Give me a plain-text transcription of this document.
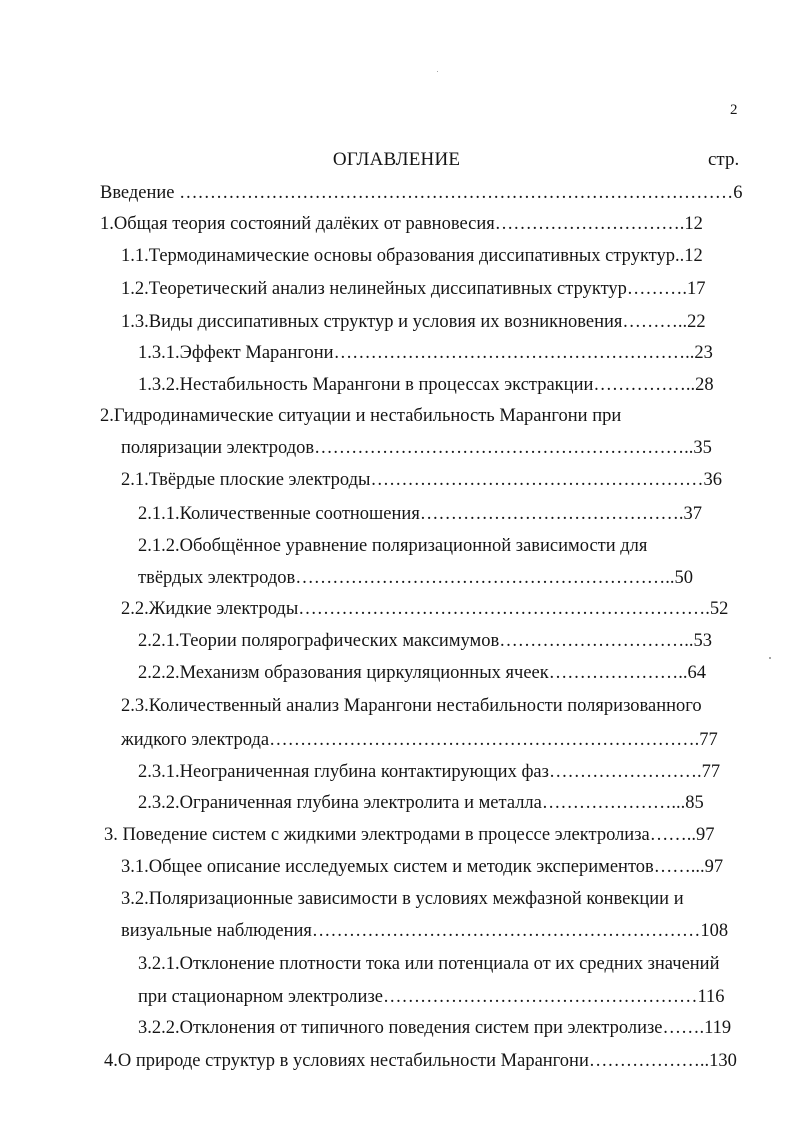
2
ОГЛАВЛЕНИЕ	стр.
Введение ………………………………………………………………………………6
1.Общая теория состояний далёких от равновесия………………………….12
1.1.Термодинамические основы образования диссипативных структур..12
1.2.Теоретический анализ нелинейных диссипативных структур……….17
1.3.Виды диссипативных структур и условия их возникновения………..22
1.3.1.Эффект Марангони…………………………………………………..23
1.3.2.Нестабильность Марангони в процессах экстракции……………..28
2.Гидродинамические ситуации и нестабильность Марангони при
поляризации электродов……………………………………………………..35
2.1.Твёрдые плоские электроды………………………………………………36
2.1.1.Количественные соотношения…………………………………….37
2.1.2.Обобщённое уравнение поляризационной зависимости для
твёрдых электродов……………………………………………………..50
2.2.Жидкие электроды………………………………………………………….52
2.2.1.Теории полярографических максимумов…………………………..53
2.2.2.Механизм образования циркуляционных ячеек…………………..64
2.3.Количественный анализ Марангони нестабильности поляризованного
жидкого электрода…………………………………………………………….77
2.3.1.Неограниченная глубина контактирующих фаз…………………….77
2.3.2.Ограниченная глубина электролита и металла…………………...85
3. Поведение систем с жидкими электродами в процессе электролиза……..97
3.1.Общее описание исследуемых систем и методик экспериментов……...97
3.2.Поляризационные зависимости в условиях межфазной конвекции и
визуальные наблюдения………………………………………………………108
3.2.1.Отклонение плотности тока или потенциала от их средних значений
при стационарном электролизе……………………………………………116
3.2.2.Отклонения от типичного поведения систем при электролизе…….119
4.О природе структур в условиях нестабильности Марангони………………..130
